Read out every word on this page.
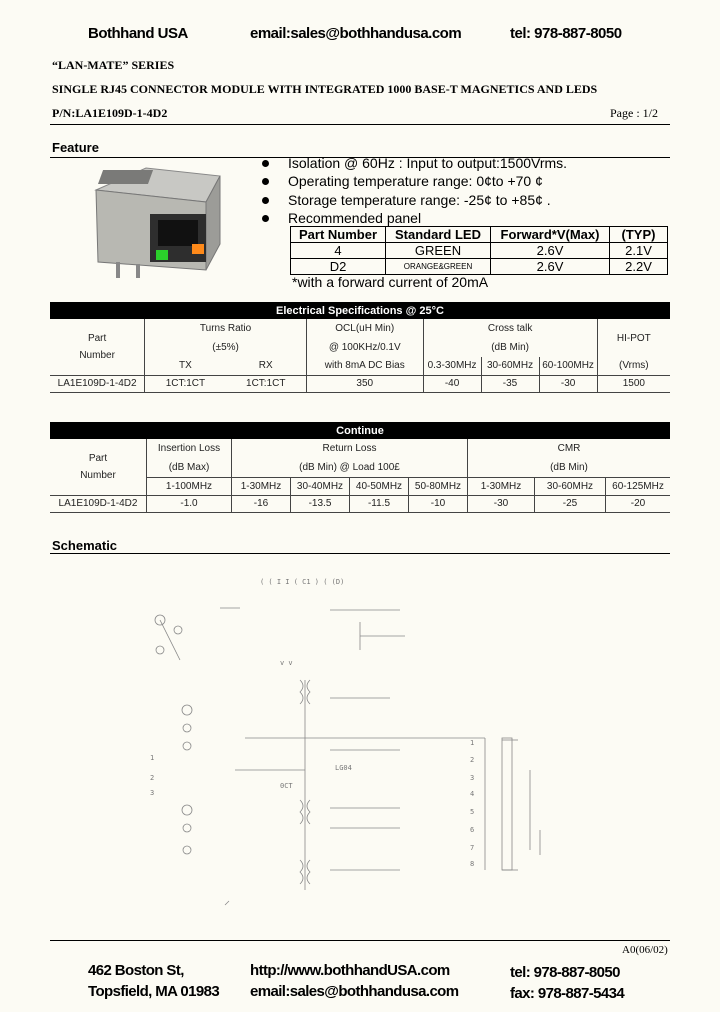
Bothhand USA	email:sales@bothhandusa.com	tel: 978-887-8050
“LAN-MATE” SERIES
SINGLE RJ45 CONNECTOR MODULE WITH INTEGRATED 1000 BASE-T MAGNETICS AND LEDS
P/N:LA1E109D-1-4D2	Page : 1/2
Feature
Isolation @ 60Hz : Input to output:1500Vrms.
Operating temperature range: 0¢to +70 ¢
Storage temperature range: -25¢ to +85¢ .
Recommended panel
Part Number	Standard LED	Forward*V(Max)	(TYP)
4	GREEN	2.6V	2.1V
D2	ORANGE&GREEN	2.6V	2.2V
*with a forward current of 20mA
Electrical Specifications @ 25°C							

Part
Number	Turns Ratio		OCL(uH Min)	Cross talk			HI-POT

	(±5%)		@ 100KHz/0.1V	(dB Min)			
	TX	RX	with 8mA DC Bias	0.3-30MHz	30-60MHz	60-100MHz	(Vrms)
LA1E109D-1-4D2	1CT:1CT	1CT:1CT	350	-40	-35	-30	1500
Continue								

Part
Number	Insertion Loss	Return Loss				CMR		
	(dB Max)	(dB Min) @ Load 100£				(dB Min)		
	1-100MHz	1-30MHz	30-40MHz	40-50MHz	50-80MHz	1-30MHz	30-60MHz	60-125MHz
LA1E109D-1-4D2	-1.0	-16	-13.5	-11.5	-10	-30	-25	-20
Schematic
( ( I I ( C1 ) ( (D)
1
2
3
4
5
6
7
8
1
2
3
v v
0CT
LG04
A0(06/02)
462 Boston St,
Topsfield, MA 01983
http://www.bothhandUSA.com
email:sales@bothhandusa.com
tel: 978-887-8050
fax: 978-887-5434
